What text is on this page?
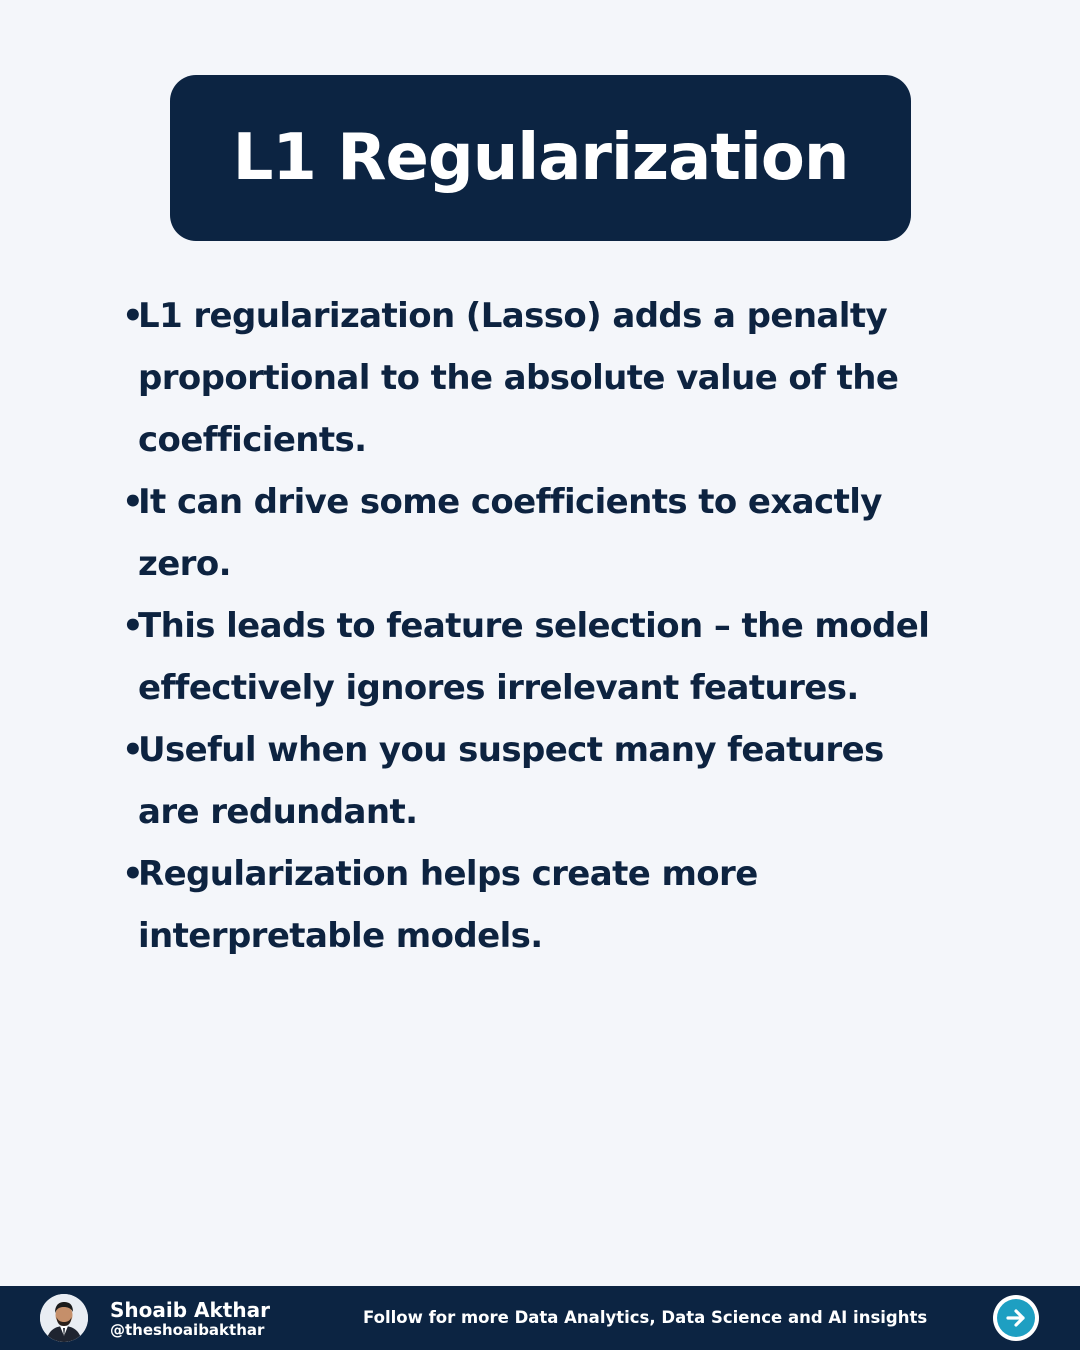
L1 Regularization
•
L1 regularization (Lasso) adds a penalty proportional to the absolute value of the coefficients.
•
It can drive some coefficients to exactly zero.
•
This leads to feature selection – the model effectively ignores irrelevant features.
•
Useful when you suspect many features are redundant.
•
Regularization helps create more interpretable models.
Shoaib Akthar
@theshoaibakthar
Follow for more Data Analytics, Data Science and AI insights
